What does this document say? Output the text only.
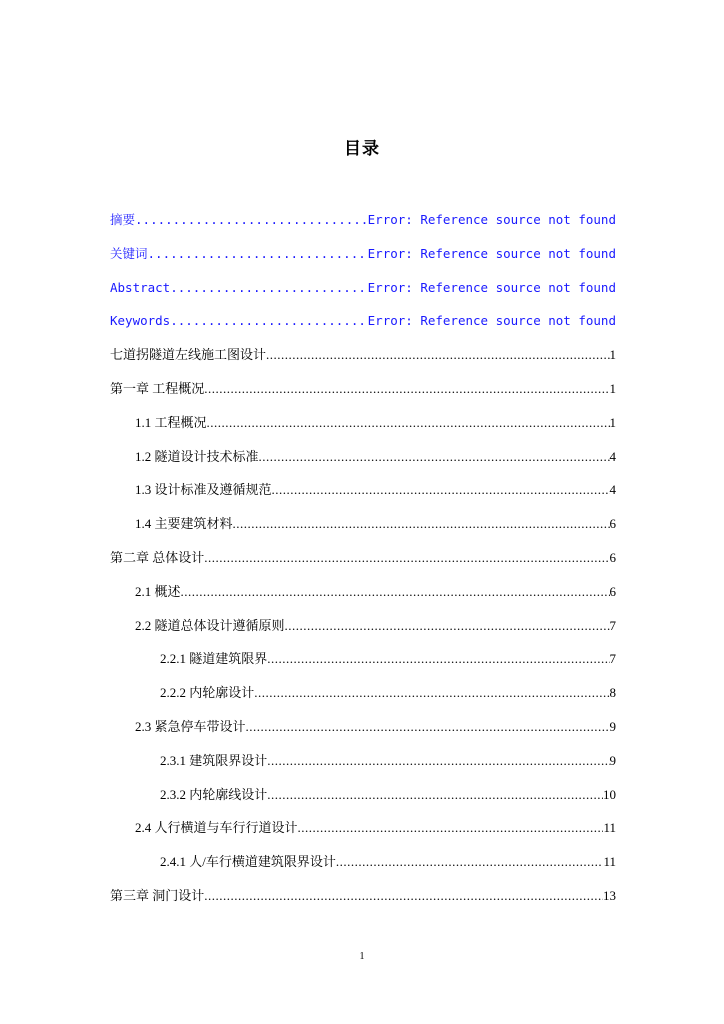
目录
摘要 .....	Error: Reference source not found
关键词 .....	Error: Reference source not found
Abstract .....	Error: Reference source not found
Keywords .....	Error: Reference source not found
七道拐隧道左线施工图设计 .....	1
第一章 工程概况 .....	1
1.1 工程概况 .....	1
1.2 隧道设计技术标准 .....	4
1.3 设计标准及遵循规范 .....	4
1.4 主要建筑材料 .....	6
第二章 总体设计 .....	6
2.1 概述 .....	6
2.2 隧道总体设计遵循原则 .....	7
2.2.1 隧道建筑限界 .....	7
2.2.2 内轮廓设计 .....	8
2.3 紧急停车带设计 .....	9
2.3.1 建筑限界设计 .....	9
2.3.2 内轮廓线设计 .....	10
2.4 人行横道与车行行道设计 .....	11
2.4.1 人/车行横道建筑限界设计 .....	11
第三章 洞门设计 .....	13
1
